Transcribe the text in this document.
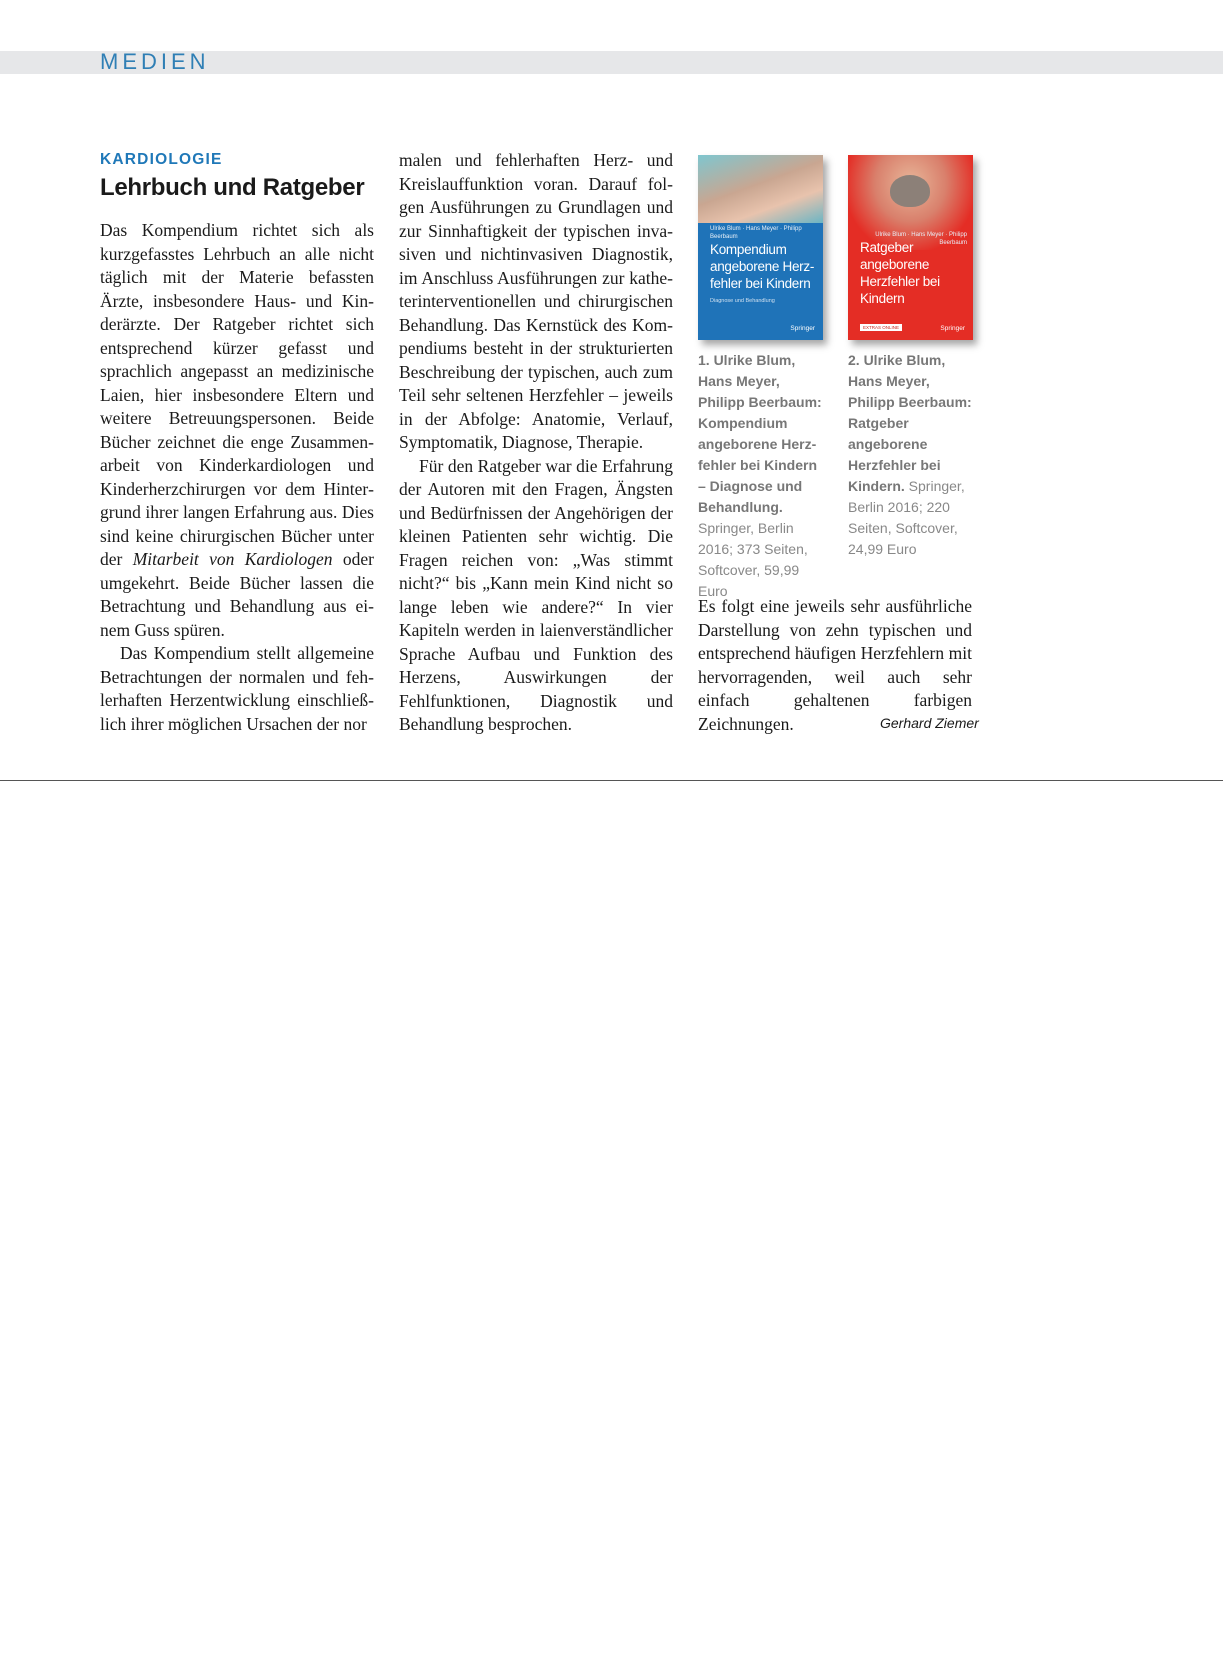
MEDIEN
KARDIOLOGIE
Lehrbuch und Ratgeber

Das Kompendium richtet sich als kurzgefasstes Lehrbuch an alle nicht täglich mit der Materie befassten Ärzte, insbesondere Haus- und Kinderärzte. Der Ratgeber richtet sich entsprechend kürzer gefasst und sprachlich angepasst an medizinische Laien, hier insbesondere Eltern und weitere Betreuungspersonen. Beide Bücher zeichnet die enge Zusammenarbeit von Kinderkardiologen und Kinderherzchirurgen vor dem Hintergrund ihrer langen Erfahrung aus. Dies sind keine chirurgischen Bücher unter der Mitarbeit von Kardiologen oder umgekehrt. Beide Bücher lassen die Betrachtung und Behandlung aus einem Guss spüren.

Das Kompendium stellt allgemeine Betrachtungen der normalen und fehlerhaften Herzentwicklung einschließlich ihrer möglichen Ursachen der nor

malen und fehlerhaften Herz- und Kreislauffunktion voran. Darauf folgen Ausführungen zu Grundlagen und zur Sinnhaftigkeit der typischen invasiven und nichtinvasiven Diagnostik, im Anschluss Ausführungen zur katheterinterventionellen und chirurgischen Behandlung. Das Kernstück des Kompendiums besteht in der strukturierten Beschreibung der typischen, auch zum Teil sehr seltenen Herzfehler – jeweils in der Abfolge: Anatomie, Verlauf, Symptomatik, Diagnose, Therapie.

Für den Ratgeber war die Erfahrung der Autoren mit den Fragen, Ängsten und Bedürfnissen der Angehörigen der kleinen Patienten sehr wichtig. Die Fragen reichen von: „Was stimmt nicht?“ bis „Kann mein Kind nicht so lange leben wie andere?“ In vier Kapiteln werden in laienverständlicher Sprache Aufbau und Funktion des Herzens, Auswirkungen der Fehlfunktionen, Diagnostik und Behandlung besprochen.

Ulrike Blum · Hans Meyer · Philipp Beerbaum
Kompendium angeborene Herzfehler bei Kindern
Diagnose und Behandlung
Springer
Ulrike Blum · Hans Meyer · Philipp Beerbaum
Ratgeber angeborene Herzfehler bei Kindern
EXTRAS ONLINE	Springer
1. Ulrike Blum, Hans Meyer, Philipp Beerbaum: Kompendium angeborene Herzfehler bei Kindern – Diagnose und Behandlung. Springer, Berlin 2016; 373 Seiten, Softcover, 59,99 Euro
2. Ulrike Blum, Hans Meyer, Philipp Beerbaum: Ratgeber angeborene Herzfehler bei Kindern. Springer, Berlin 2016; 220 Seiten, Softcover, 24,99 Euro

Es folgt eine jeweils sehr ausführliche Darstellung von zehn typischen und entsprechend häufigen Herzfehlern mit hervorragenden, weil auch sehr einfach gehaltenen farbigen Zeichnungen.	Gerhard Ziemer
